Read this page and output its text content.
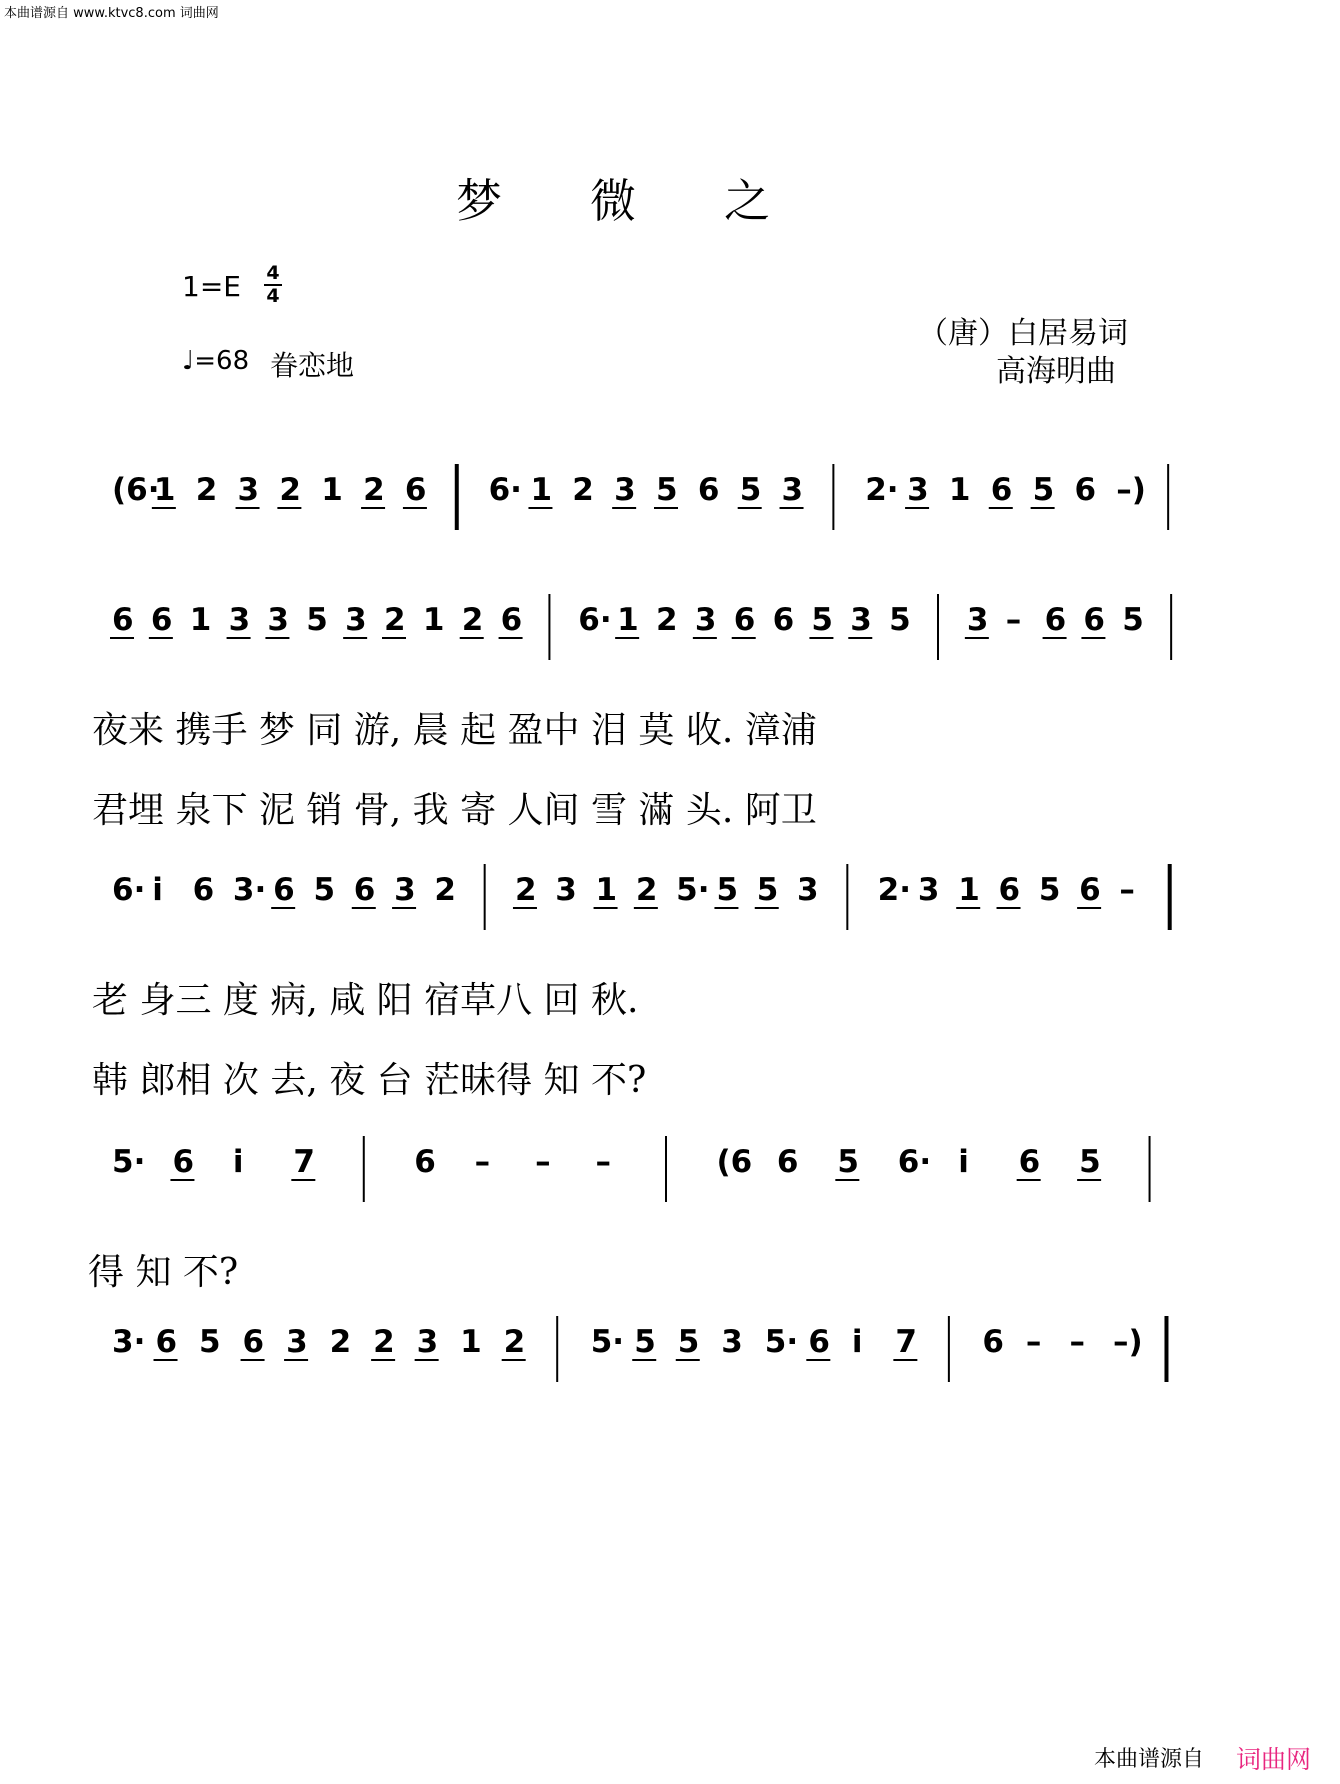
本曲谱源自 www.ktvc8.com 词曲网
梦 微 之
1=E 4
4
♩=68 眷恋地
（唐）白居易词
高海明曲
(6·
1 2 3 2 1 2 6 6· 1 2 3 5 6 5 3 2· 3 1 6 5 6 –)
6 6 1 3 3 5 3 2 1 2 6 6· 1 2 3 6 6 5 3 5 3 – 6 6 5
6· i 6 3· 6 5 6 3 2 2 3 1 2 5· 5 5 3 2· 3 1 6 5 6 –
5· 6 i 7	6 – – –	(6 6 5 6· i 6 5
3· 6 5 6 3 2 2 3 1 2 5· 5 5 3 5· 6 i 7 6 – – –)
夜来 携手 梦 同 游, 晨 起 盈中 泪 莫 收. 漳浦
君埋 泉下 泥 销 骨, 我 寄 人间 雪 滿 头. 阿卫
老 身三 度 病, 咸 阳 宿草八 回 秋.
韩 郎相 次 去, 夜 台 茫昧得 知 不?
得 知 不?
本曲谱源自 词曲网
